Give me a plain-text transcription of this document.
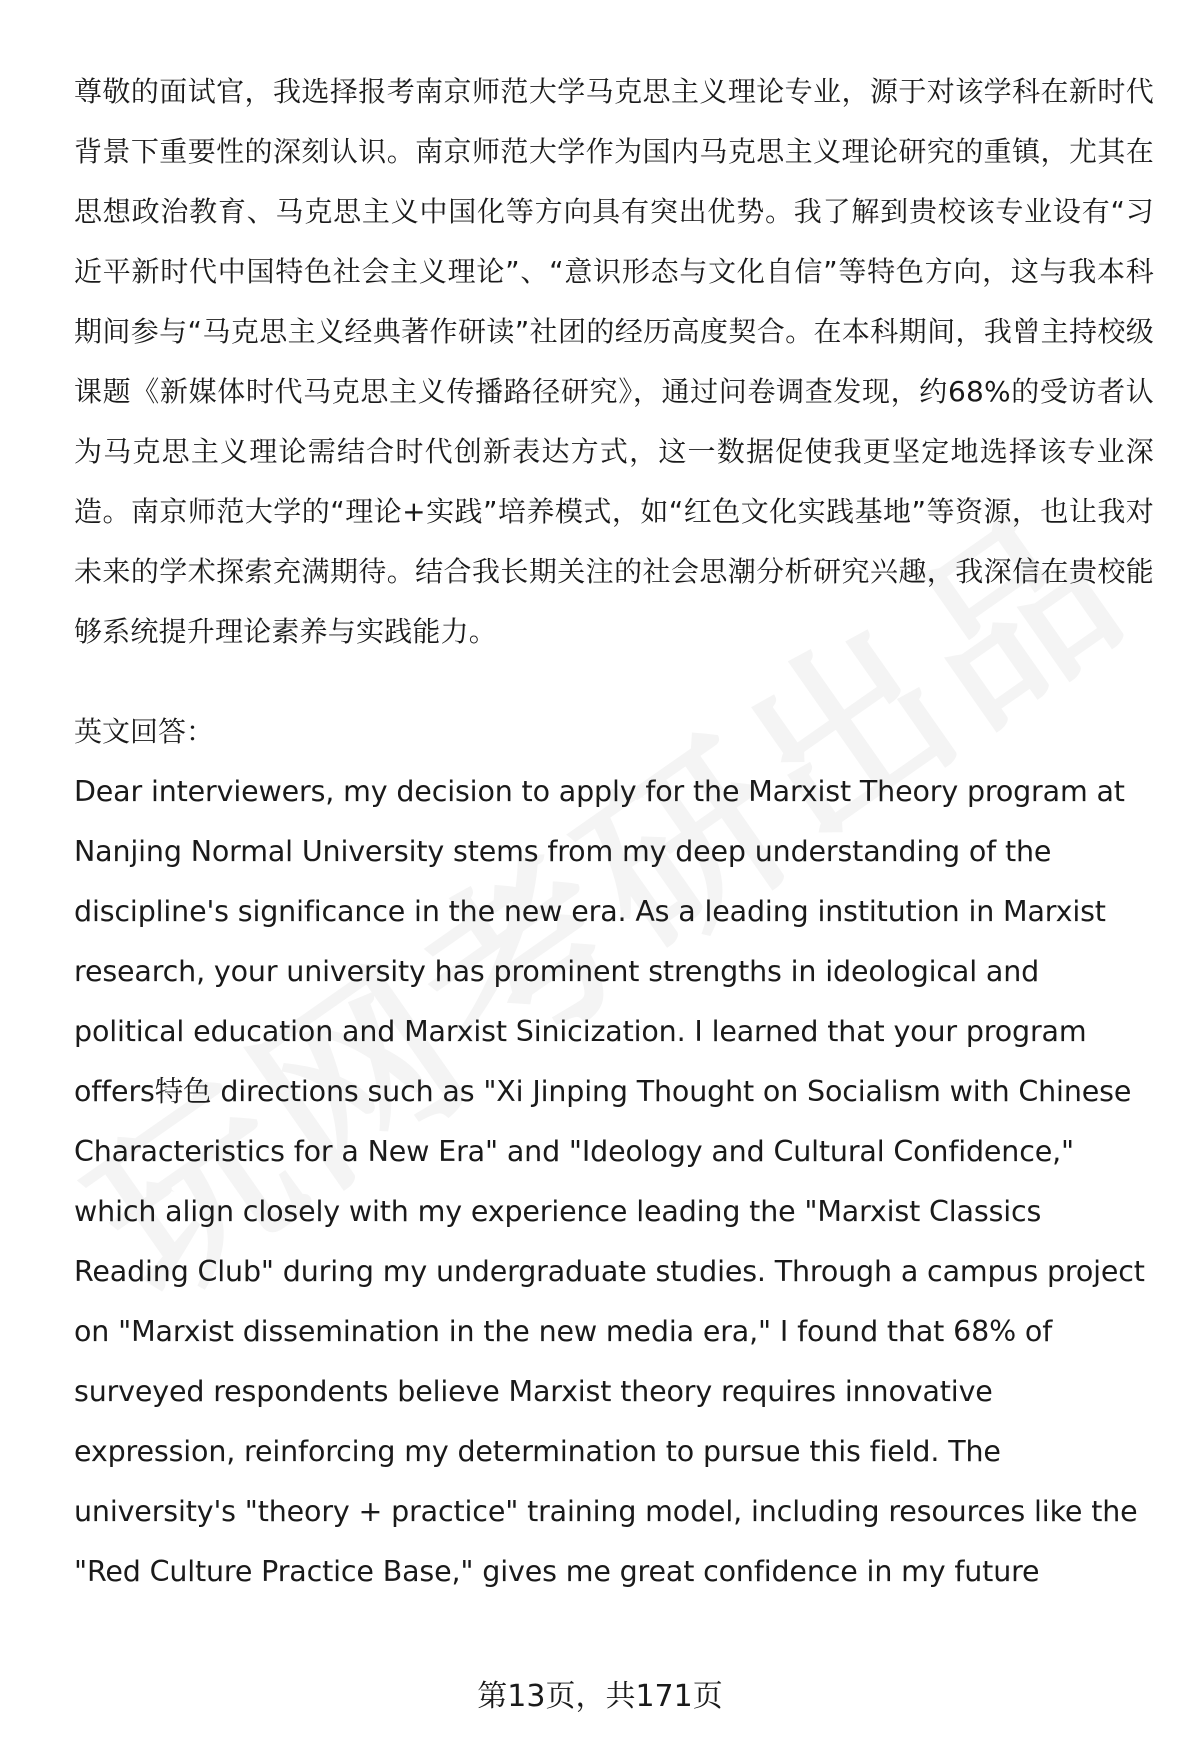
尊敬的面试官，我选择报考南京师范大学马克思主义理论专业，源于对该学科在新时代背景下重要性的深刻认识。南京师范大学作为国内马克思主义理论研究的重镇，尤其在思想政治教育、马克思主义中国化等方向具有突出优势。我了解到贵校该专业设有“习近平新时代中国特色社会主义理论”、“意识形态与文化自信”等特色方向，这与我本科期间参与“马克思主义经典著作研读”社团的经历高度契合。在本科期间，我曾主持校级课题《新媒体时代马克思主义传播路径研究》，通过问卷调查发现，约68%的受访者认为马克思主义理论需结合时代创新表达方式，这一数据促使我更坚定地选择该专业深造。南京师范大学的“理论+实践”培养模式，如“红色文化实践基地”等资源，也让我对未来的学术探索充满期待。结合我长期关注的社会思潮分析研究兴趣，我深信在贵校能够系统提升理论素养与实践能力。

英文回答：

Dear interviewers, my decision to apply for the Marxist Theory program at Nanjing Normal University stems from my deep understanding of the discipline's significance in the new era. As a leading institution in Marxist research, your university has prominent strengths in ideological and political education and Marxist Sinicization. I learned that your program offers特色 directions such as "Xi Jinping Thought on Socialism with Chinese Characteristics for a New Era" and "Ideology and Cultural Confidence," which align closely with my experience leading the "Marxist Classics Reading Club" during my undergraduate studies. Through a campus project on "Marxist dissemination in the new media era," I found that 68% of surveyed respondents believe Marxist theory requires innovative expression, reinforcing my determination to pursue this field. The university's "theory + practice" training model, including resources like the "Red Culture Practice Base," gives me great confidence in my future

第13页，共171页
